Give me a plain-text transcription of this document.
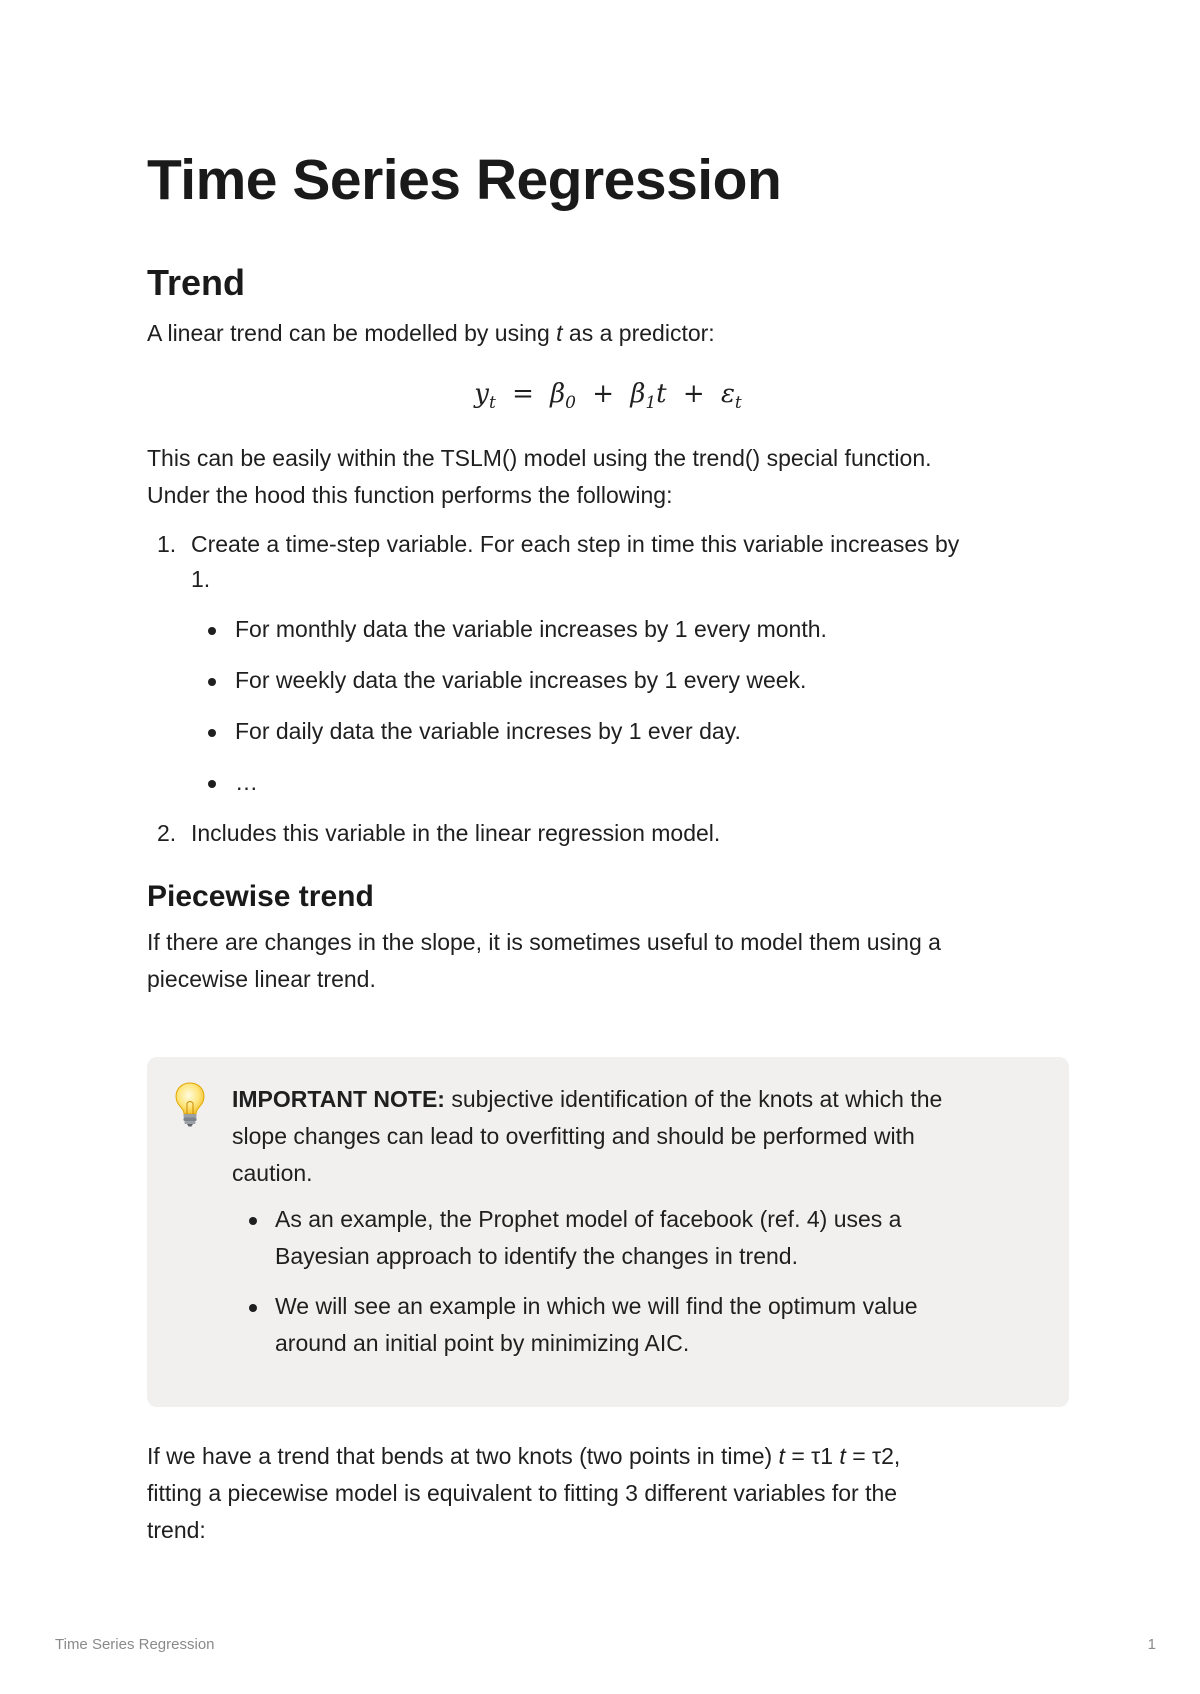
Time Series Regression
Trend

A linear trend can be modelled by using t as a predictor:

$y_t = \beta_0 + \beta_1t + \varepsilon_t$

This can be easily within the TSLM() model using the trend() special function.
Under the hood this function performs the following:

1. Create a time-step variable. For each step in time this variable increases by
1.
For monthly data the variable increases by 1 every month.
For weekly data the variable increases by 1 every week.
For daily data the variable increses by 1 ever day.
…
2. Includes this variable in the linear regression model.
Piecewise trend

If there are changes in the slope, it is sometimes useful to model them using a
piecewise linear trend.

IMPORTANT NOTE: subjective identification of the knots at which the
slope changes can lead to overfitting and should be performed with
caution.

As an example, the Prophet model of facebook (ref. 4) uses a
Bayesian approach to identify the changes in trend.
We will see an example in which we will find the optimum value
around an initial point by minimizing AIC.

If we have a trend that bends at two knots (two points in time) t = τ1 t = τ2,
fitting a piecewise model is equivalent to fitting 3 different variables for the
trend:

Time Series Regression	1
